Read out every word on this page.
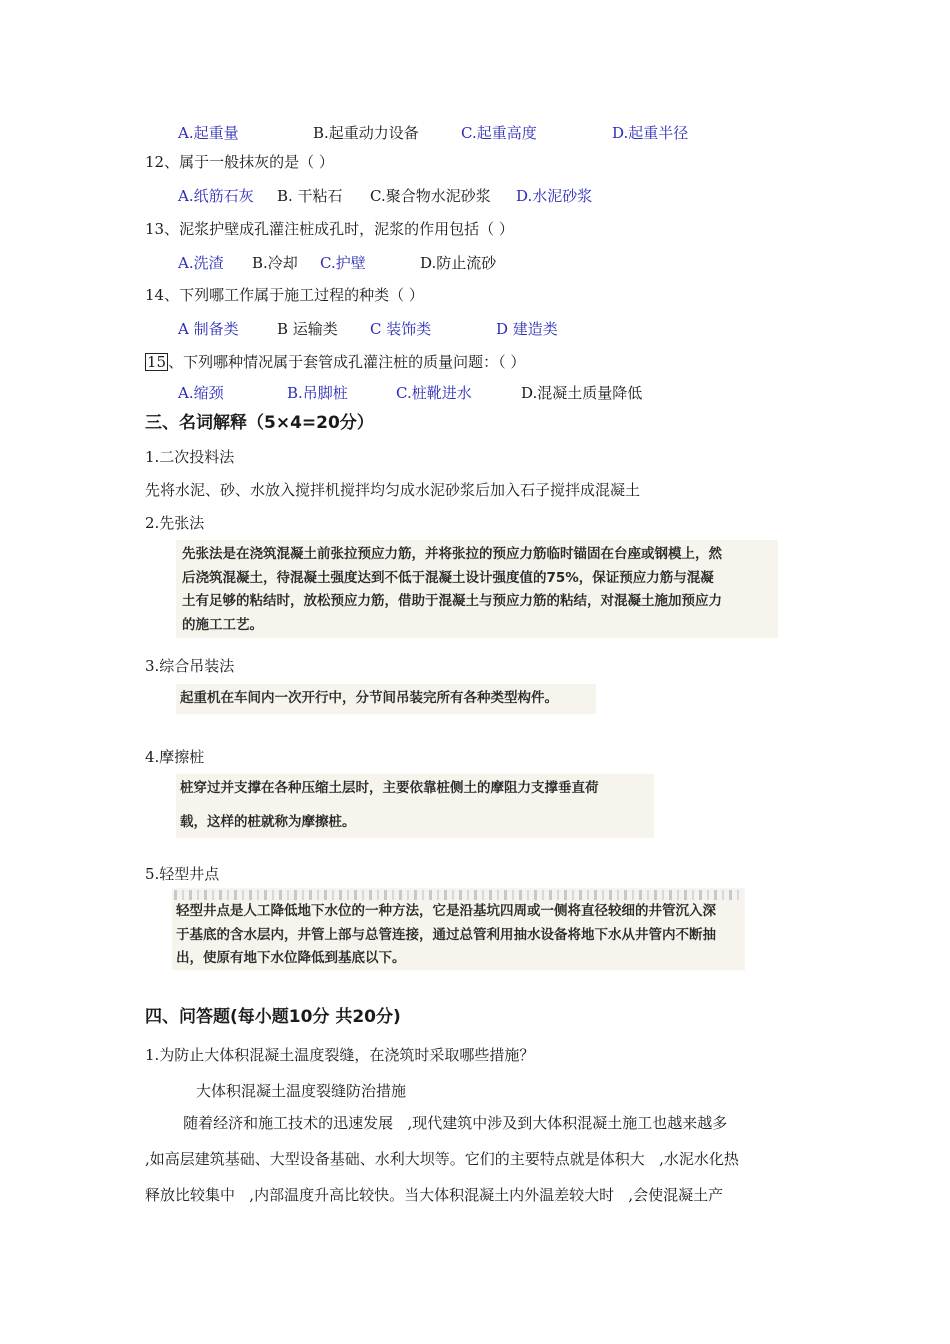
A.起重量	B.起重动力设备	C.起重高度	D.起重半径
12、属于一般抹灰的是（ ）
A.纸筋石灰 B. 干粘石 C.聚合物水泥砂浆 D.水泥砂浆
13、泥浆护壁成孔灌注桩成孔时，泥浆的作用包括（ ）
A.洗渣 B.冷却 C.护壁	D.防止流砂
14、下列哪工作属于施工过程的种类（ ）
A 制备类	B 运输类 C 装饰类	D 建造类
15 、下列哪种情况属于套管成孔灌注桩的质量问题：（ ）
A.缩颈	B.吊脚桩	C.桩靴进水	D.混凝土质量降低
三、名词解释（5×4=20分）
1.二次投料法
先将水泥、砂、水放入搅拌机搅拌均匀成水泥砂浆后加入石子搅拌成混凝土
2.先张法
先张法是在浇筑混凝土前张拉预应力筋，并将张拉的预应力筋临时锚固在台座或钢模上，然
后浇筑混凝土，待混凝土强度达到不低于混凝土设计强度值的75%，保证预应力筋与混凝
土有足够的粘结时，放松预应力筋，借助于混凝土与预应力筋的粘结，对混凝土施加预应力
的施工工艺。
3.综合吊装法
起重机在车间内一次开行中，分节间吊装完所有各种类型构件。
4.摩擦桩
桩穿过并支撑在各种压缩土层时，主要依靠桩侧土的摩阻力支撑垂直荷
载，这样的桩就称为摩擦桩。
5.轻型井点
轻型井点是人工降低地下水位的一种方法，它是沿基坑四周或一侧将直径较细的井管沉入深
于基底的含水层内，井管上部与总管连接，通过总管利用抽水设备将地下水从井管内不断抽
出，使原有地下水位降低到基底以下。
四、问答题(每小题10分 共20分)
1.为防止大体积混凝土温度裂缝，在浇筑时采取哪些措施？
大体积混凝土温度裂缝防治措施
随着经济和施工技术的迅速发展   ,现代建筑中涉及到大体积混凝土施工也越来越多
,如高层建筑基础、大型设备基础、水利大坝等。它们的主要特点就是体积大   ,水泥水化热
释放比较集中   ,内部温度升高比较快。当大体积混凝土内外温差较大时   ,会使混凝土产
